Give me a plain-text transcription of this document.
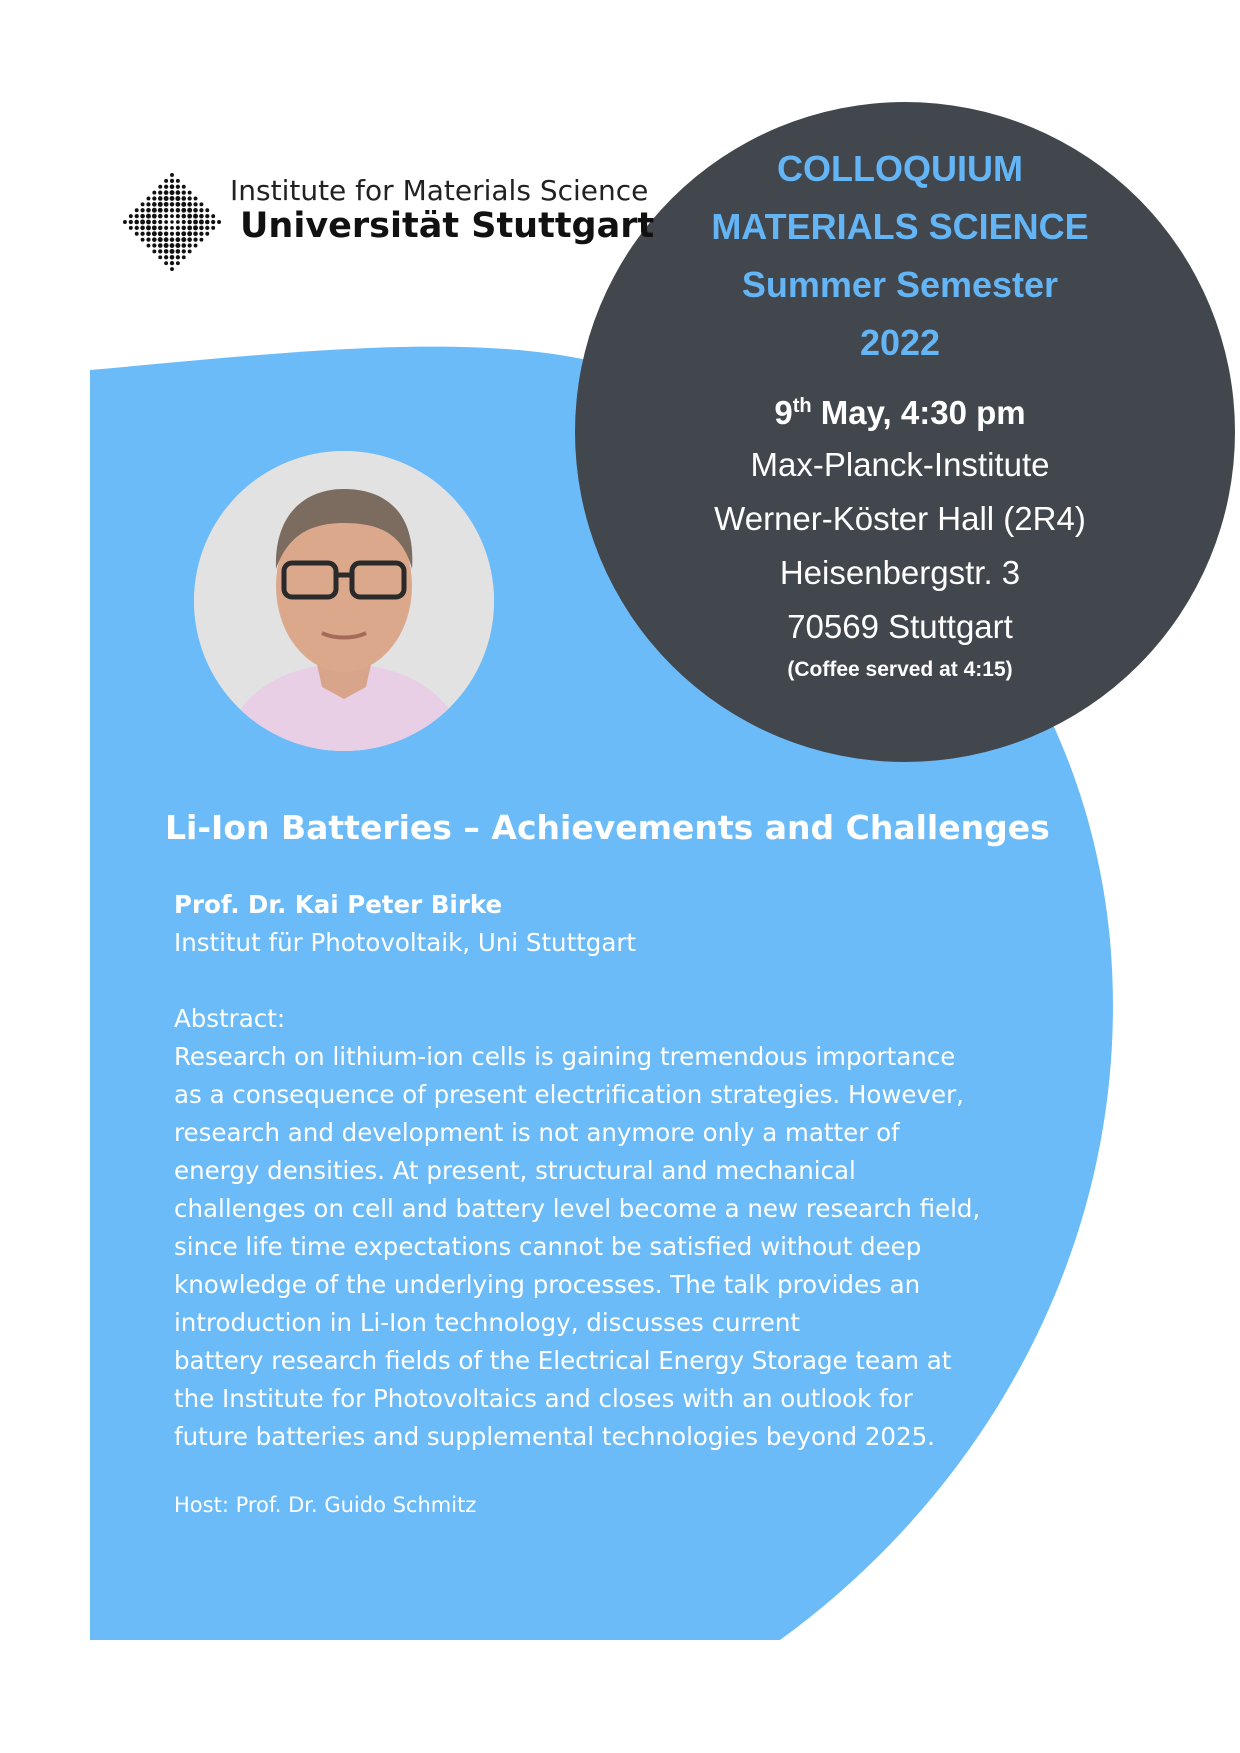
Institute for Materials Science
Universität Stuttgart
COLLOQUIUM
MATERIALS SCIENCE
Summer Semester
2022
9th May, 4:30 pm
Max-Planck-Institute
Werner-Köster Hall (2R4)
Heisenbergstr. 3
70569 Stuttgart
(Coffee served at 4:15)
Li-Ion Batteries – Achievements and Challenges
Prof. Dr. Kai Peter Birke
Institut für Photovoltaik, Uni Stuttgart
Abstract:
Research on lithium-ion cells is gaining tremendous importance
as a consequence of present electrification strategies. However,
research and development is not anymore only a matter of
energy densities. At present, structural and mechanical
challenges on cell and battery level become a new research field,
since life time expectations cannot be satisfied without deep
knowledge of the underlying processes. The talk provides an
introduction in Li-Ion technology, discusses current
battery research fields of the Electrical Energy Storage team at
the Institute for Photovoltaics and closes with an outlook for
future batteries and supplemental technologies beyond 2025.
Host: Prof. Dr. Guido Schmitz
